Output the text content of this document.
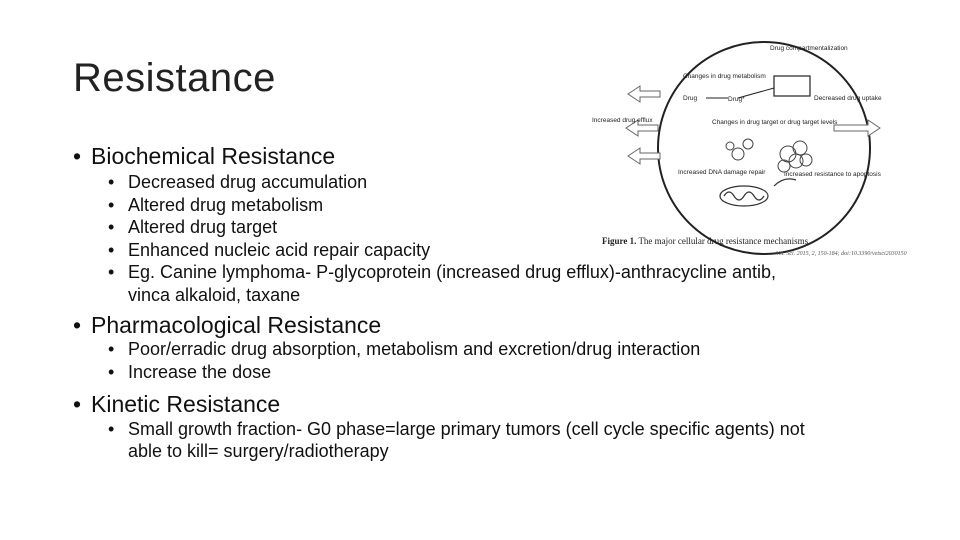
Resistance
• Biochemical Resistance
• Decreased drug accumulation
• Altered drug metabolism
• Altered drug target
• Enhanced nucleic acid repair capacity
• Eg. Canine lymphoma- P-glycoprotein (increased drug efflux)-anthracycline antib,
vinca alkaloid, taxane
• Pharmacological Resistance
• Poor/erradic drug absorption, metabolism and excretion/drug interaction
• Increase the dose
• Kinetic Resistance
• Small growth fraction- G0 phase=large primary tumors (cell cycle specific agents) not
able to kill= surgery/radiotherapy
Drug compartmentalization
Changes in drug metabolism
Drug	Drug*	Decreased drug uptake
Increased drug efflux	Changes in drug target or drug target levels
Increased DNA damage repair	Increased resistance to apoptosis
Figure 1. The major cellular drug resistance mechanisms.
Vet. Sci. 2015, 2, 150-184; doi:10.3390/vetsci2030150
